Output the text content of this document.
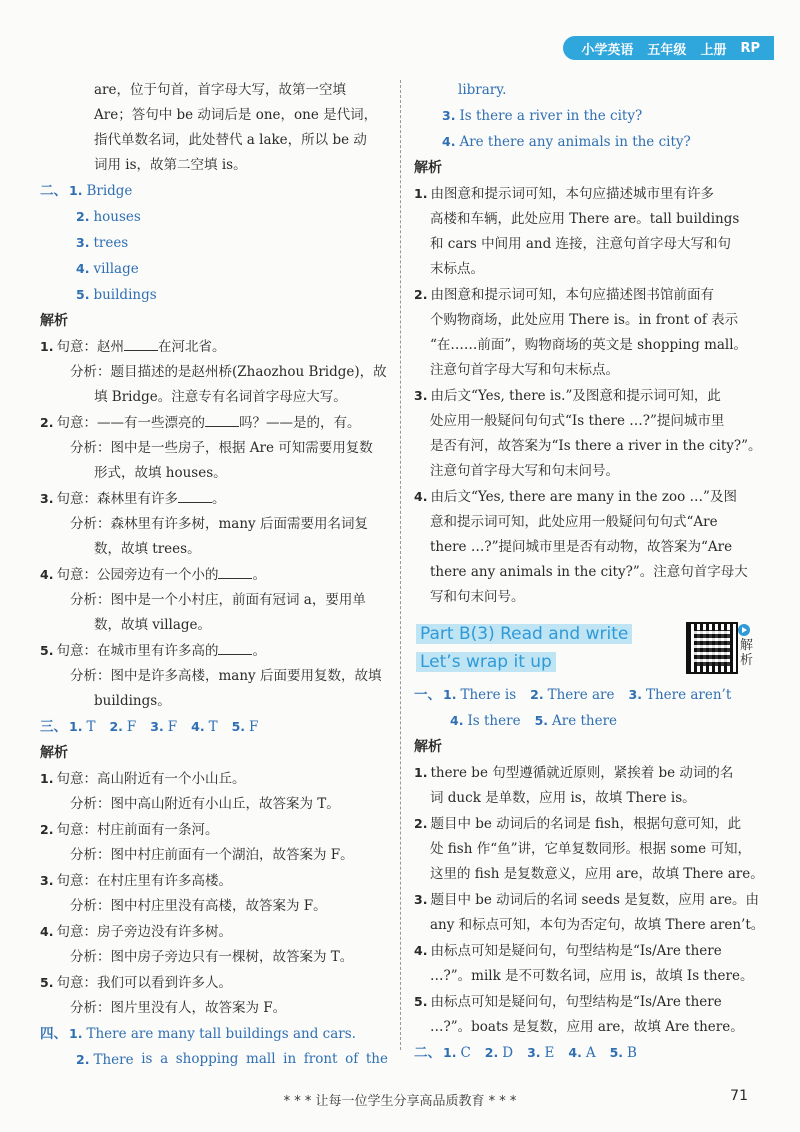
小学英语 五年级 上册 RP
are，位于句首，首字母大写，故第一空填
Are；答句中 be 动词后是 one，one 是代词，
指代单数名词，此处替代 a lake，所以 be 动
词用 is，故第二空填 is。
二、 1. Bridge
2. houses
3. trees
4. village
5. buildings
解析
1. 句意：赵州	在河北省。
分析：题目描述的是赵州桥(Zhaozhou Bridge)，故
填 Bridge。注意专有名词首字母应大写。
2. 句意：——有一些漂亮的	吗？——是的，有。
分析：图中是一些房子，根据 Are 可知需要用复数
形式，故填 houses。
3. 句意：森林里有许多	。
分析：森林里有许多树，many 后面需要用名词复
数，故填 trees。
4. 句意：公园旁边有一个小的	。
分析：图中是一个小村庄，前面有冠词 a，要用单
数，故填 village。
5. 句意：在城市里有许多高的	。
分析：图中是许多高楼，many 后面要用复数，故填
buildings。
三、 1. T 2. F 3. F 4. T 5. F
解析
1. 句意：高山附近有一个小山丘。
分析：图中高山附近有小山丘，故答案为 T。
2. 句意：村庄前面有一条河。
分析：图中村庄前面有一个湖泊，故答案为 F。
3. 句意：在村庄里有许多高楼。
分析：图中村庄里没有高楼，故答案为 F。
4. 句意：房子旁边没有许多树。
分析：图中房子旁边只有一棵树，故答案为 T。
5. 句意：我们可以看到许多人。
分析：图片里没有人，故答案为 F。
四、 1. There are many tall buildings and cars.
2. There is a shopping mall in front of the
library.
3. Is there a river in the city?
4. Are there any animals in the city?
解析
1. 由图意和提示词可知，本句应描述城市里有许多
高楼和车辆，此处应用 There are。tall buildings
和 cars 中间用 and 连接，注意句首字母大写和句
末标点。
2. 由图意和提示词可知，本句应描述图书馆前面有
个购物商场，此处应用 There is。in front of 表示
“在……前面”，购物商场的英文是 shopping mall。
注意句首字母大写和句末标点。
3. 由后文“Yes, there is.”及图意和提示词可知，此
处应用一般疑问句句式“Is there …?”提问城市里
是否有河，故答案为“Is there a river in the city?”。
注意句首字母大写和句末问号。
4. 由后文“Yes, there are many in the zoo …”及图
意和提示词可知，此处应用一般疑问句句式“Are
there …?”提问城市里是否有动物，故答案为“Are
there any animals in the city?”。注意句首字母大
写和句末问号。
Part B(3) Read and write
Let’s wrap it up
解析
一、 1. There is 2. There are 3. There aren’t
4. Is there 5. Are there
解析
1. there be 句型遵循就近原则，紧挨着 be 动词的名
词 duck 是单数，应用 is，故填 There is。
2. 题目中 be 动词后的名词是 fish，根据句意可知，此
处 fish 作“鱼”讲，它单复数同形。根据 some 可知，
这里的 fish 是复数意义，应用 are，故填 There are。
3. 题目中 be 动词后的名词 seeds 是复数，应用 are。由
any 和标点可知，本句为否定句，故填 There aren’t。
4. 由标点可知是疑问句，句型结构是“Is/Are there
…?”。milk 是不可数名词，应用 is，故填 Is there。
5. 由标点可知是疑问句，句型结构是“Is/Are there
…?”。boats 是复数，应用 are，故填 Are there。
二、 1. C 2. D 3. E 4. A 5. B
* * * 让每一位学生分享高品质教育 * * *	71
